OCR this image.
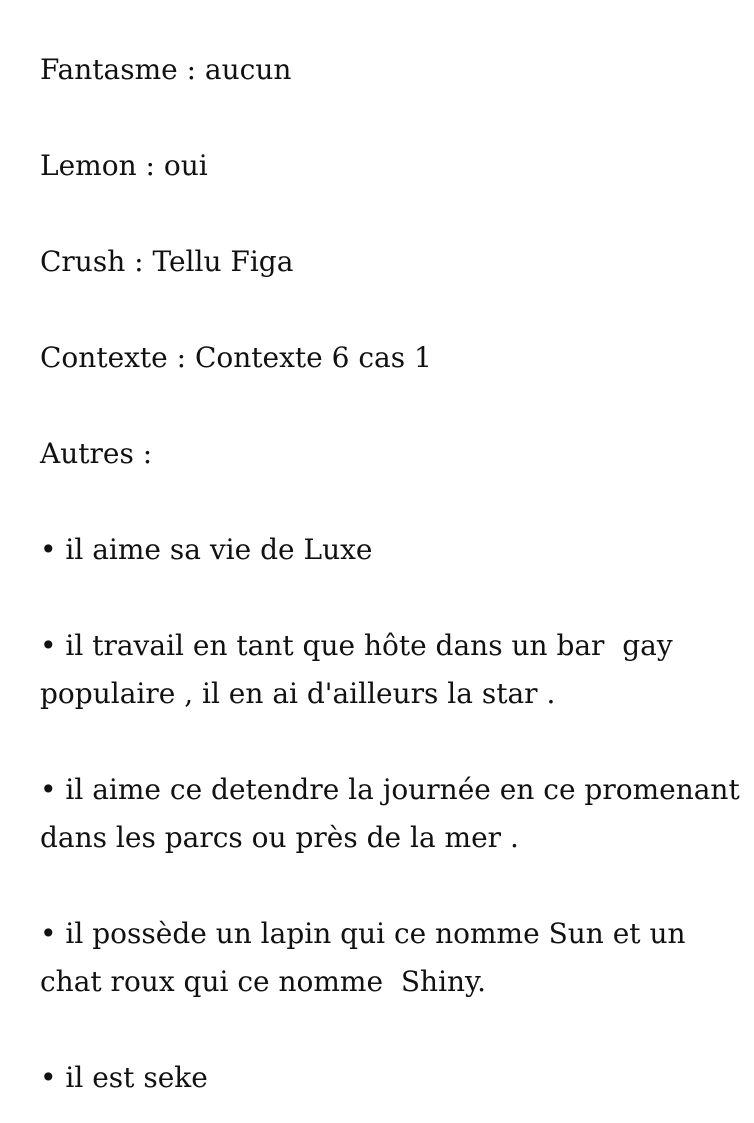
Fantasme : aucun

Lemon : oui

Crush : Tellu Figa

Contexte : Contexte 6 cas 1

Autres :

• il aime sa vie de Luxe

• il travail en tant que hôte dans un bar  gay populaire , il en ai d'ailleurs la star .

• il aime ce detendre la journée en ce promenant dans les parcs ou près de la mer .

• il possède un lapin qui ce nomme Sun et un chat roux qui ce nomme  Shiny.

• il est seke
